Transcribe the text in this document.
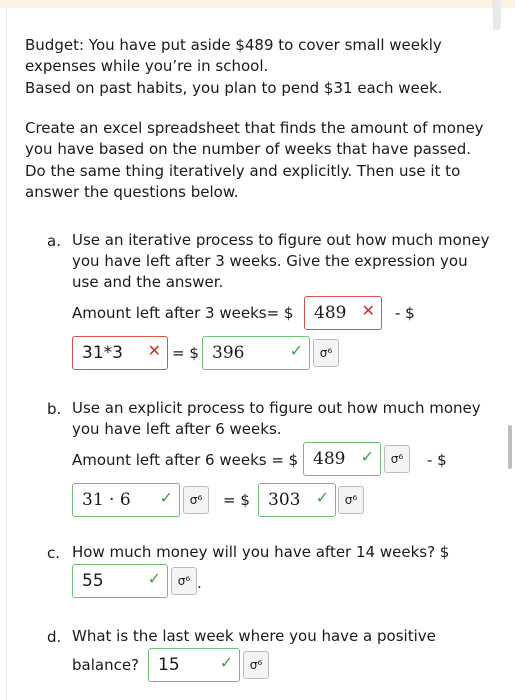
Budget: You have put aside $489 to cover small weekly

expenses while you’re in school.

Based on past habits, you plan to pend $31 each week.

Create an excel spreadsheet that finds the amount of money

you have based on the number of weeks that have passed.

Do the same thing iteratively and explicitly. Then use it to

answer the questions below.

a. Use an iterative process to figure out how much money
you have left after 3 weeks. Give the expression you
use and the answer.
Amount left after 3 weeks= $ 489 ✕ - $
31*3 ✕ = $ 396	✓	σ⁶
b. Use an explicit process to figure out how much money
you have left after 6 weeks.
Amount left after 6 weeks = $ 489 ✓	σ⁶	- $
31 · 6 ✓	σ⁶	= $ 303 ✓	σ⁶
c. How much money will you have after 14 weeks? $
55	✓	σ⁶ .
d. What is the last week where you have a positive
balance? 15 ✓	σ⁶
